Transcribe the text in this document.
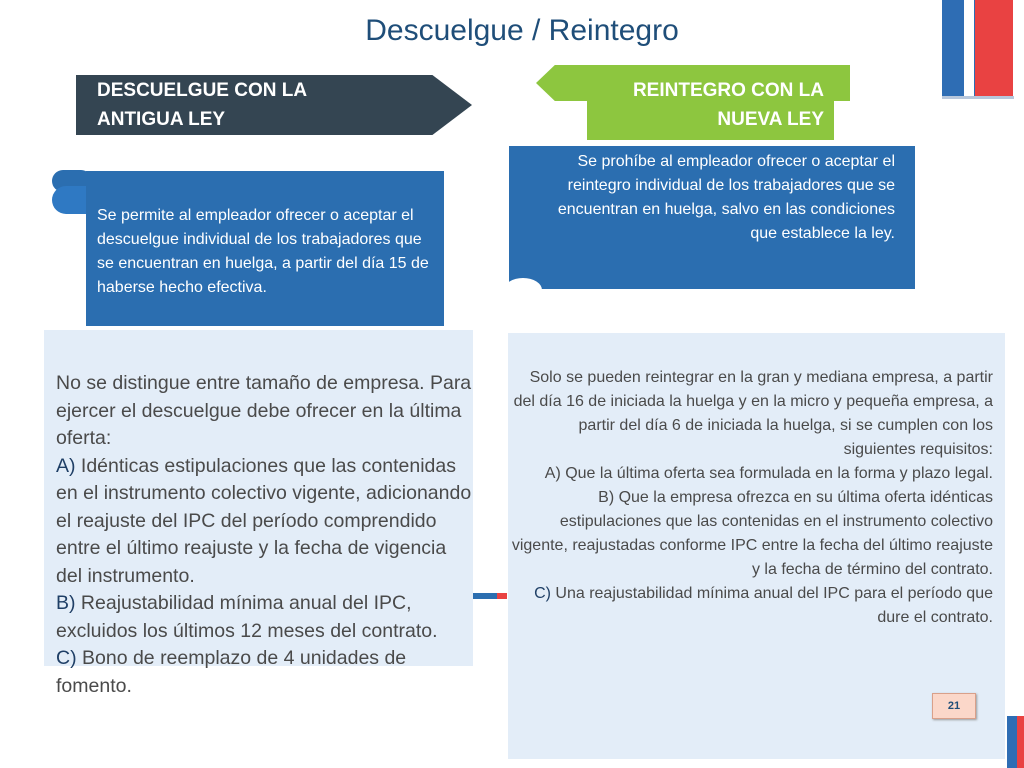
Descuelgue / Reintegro
DESCUELGUE CON LA
ANTIGUA LEY
REINTEGRO CON LA
NUEVA LEY
Se permite al empleador ofrecer o aceptar el descuelgue individual de los trabajadores que se encuentran en huelga, a partir del día 15 de haberse hecho efectiva.
Se prohíbe al empleador ofrecer o aceptar el reintegro individual de los trabajadores que se encuentran en huelga, salvo en las condiciones que establece la ley.
No se distingue entre tamaño de empresa. Para ejercer el descuelgue debe ofrecer en la última oferta:
A) Idénticas estipulaciones que las contenidas en el instrumento colectivo vigente, adicionando el reajuste del IPC del período comprendido entre el último reajuste y la fecha de vigencia del instrumento.
B) Reajustabilidad mínima anual del IPC, excluidos los últimos 12 meses del contrato.
C) Bono de reemplazo de 4 unidades de fomento.
Solo se pueden reintegrar en la gran y mediana empresa, a partir del día 16 de iniciada la huelga y en la micro y pequeña empresa, a partir del día 6 de iniciada la huelga, si se cumplen con los siguientes requisitos:
A) Que la última oferta sea formulada en la forma y plazo legal.
B) Que la empresa ofrezca en su última oferta idénticas estipulaciones que las contenidas en el instrumento colectivo vigente, reajustadas conforme IPC entre la fecha del último reajuste y la fecha de término del contrato.
C) Una reajustabilidad mínima anual del IPC para el período que dure el contrato.
21
